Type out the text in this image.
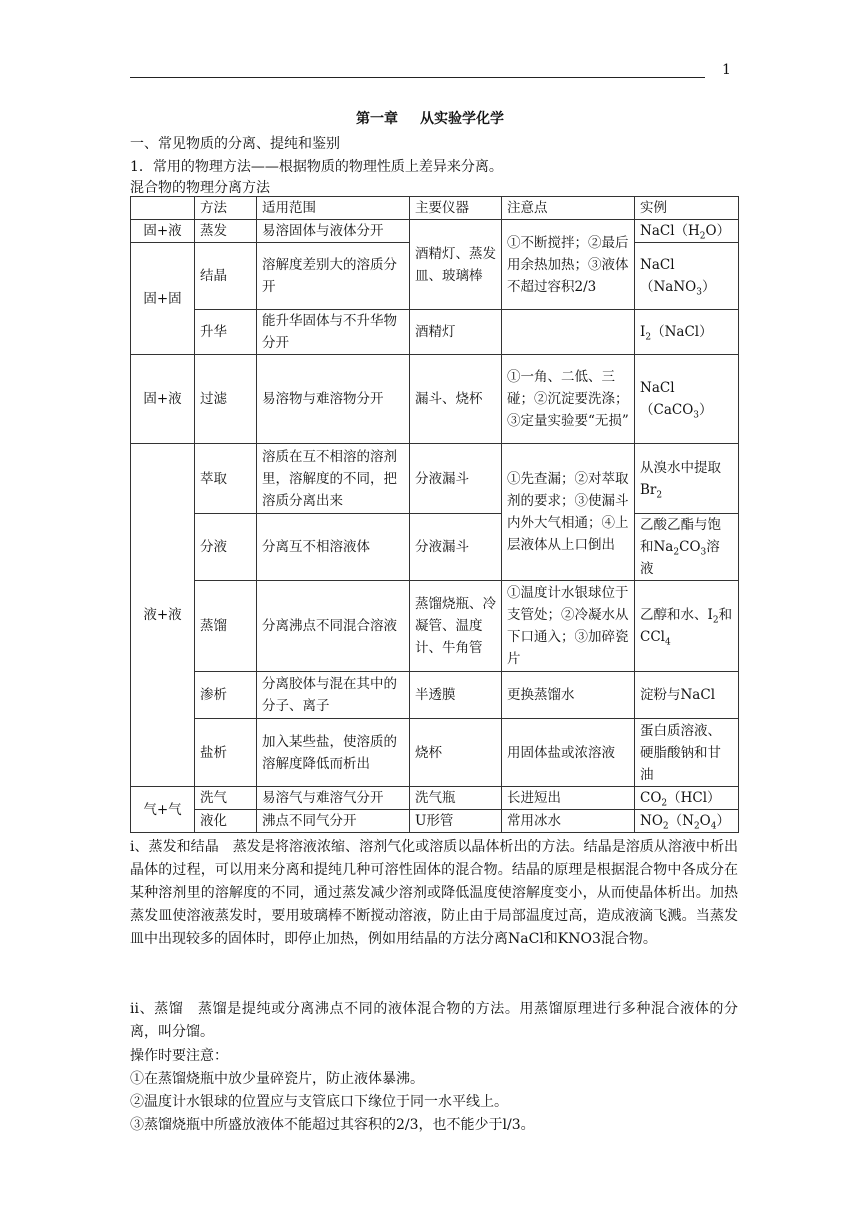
1
第一章 从实验学化学
一、常见物质的分离、提纯和鉴别
1．常用的物理方法——根据物质的物理性质上差异来分离。
混合物的物理分离方法
	方法	适用范围	主要仪器	注意点	实例
固+液	蒸发	易溶固体与液体分开	酒精灯、蒸发皿、玻璃棒	①不断搅拌；②最后用余热加热；③液体不超过容积2/3	$NaCl(H_2O)$
固+固	结晶	溶解度差别大的溶质分开			NaCl
（NaNO$_3$）
	升华	能升华固体与不升华物分开	酒精灯		$I_2(NaCl)$
固+液	过滤	易溶物与难溶物分开	漏斗、烧杯	①一角、二低、三碰；②沉淀要洗涤；③定量实验要“无损”	NaCl
（CaCO$_3$）
液+液	萃取	溶质在互不相溶的溶剂里，溶解度的不同，把溶质分离出来	分液漏斗	①先查漏；②对萃取剂的要求；③使漏斗内外大气相通；④上层液体从上口倒出	从溴水中提取$Br_2$
	分液	分离互不相溶液体	分液漏斗		乙酸乙酯与饱和$Na_2CO_3$溶液
	蒸馏	分离沸点不同混合溶液	蒸馏烧瓶、冷凝管、温度计、牛角管	①温度计水银球位于支管处；②冷凝水从下口通入；③加碎瓷片	乙醇和水、$I_2$和CCl$_4$
	渗析	分离胶体与混在其中的分子、离子	半透膜	更换蒸馏水	淀粉与NaCl
	盐析	加入某些盐，使溶质的溶解度降低而析出	烧杯	用固体盐或浓溶液	蛋白质溶液、硬脂酸钠和甘油
气+气	洗气	易溶气与难溶气分开	洗气瓶	长进短出	$CO_2(HCl)$
	液化	沸点不同气分开	U形管	常用冰水	$NO_2(N_2O_4)$
i、蒸发和结晶　蒸发是将溶液浓缩、溶剂气化或溶质以晶体析出的方法。结晶是溶质从溶液中析出晶体的过程，可以用来分离和提纯几种可溶性固体的混合物。结晶的原理是根据混合物中各成分在某种溶剂里的溶解度的不同，通过蒸发减少溶剂或降低温度使溶解度变小，从而使晶体析出。加热蒸发皿使溶液蒸发时，要用玻璃棒不断搅动溶液，防止由于局部温度过高，造成液滴飞溅。当蒸发皿中出现较多的固体时，即停止加热，例如用结晶的方法分离NaCl和KNO3混合物。
ii、蒸馏　蒸馏是提纯或分离沸点不同的液体混合物的方法。用蒸馏原理进行多种混合液体的分离，叫分馏。
操作时要注意：
①在蒸馏烧瓶中放少量碎瓷片，防止液体暴沸。
②温度计水银球的位置应与支管底口下缘位于同一水平线上。
③蒸馏烧瓶中所盛放液体不能超过其容积的2/3，也不能少于l/3。
